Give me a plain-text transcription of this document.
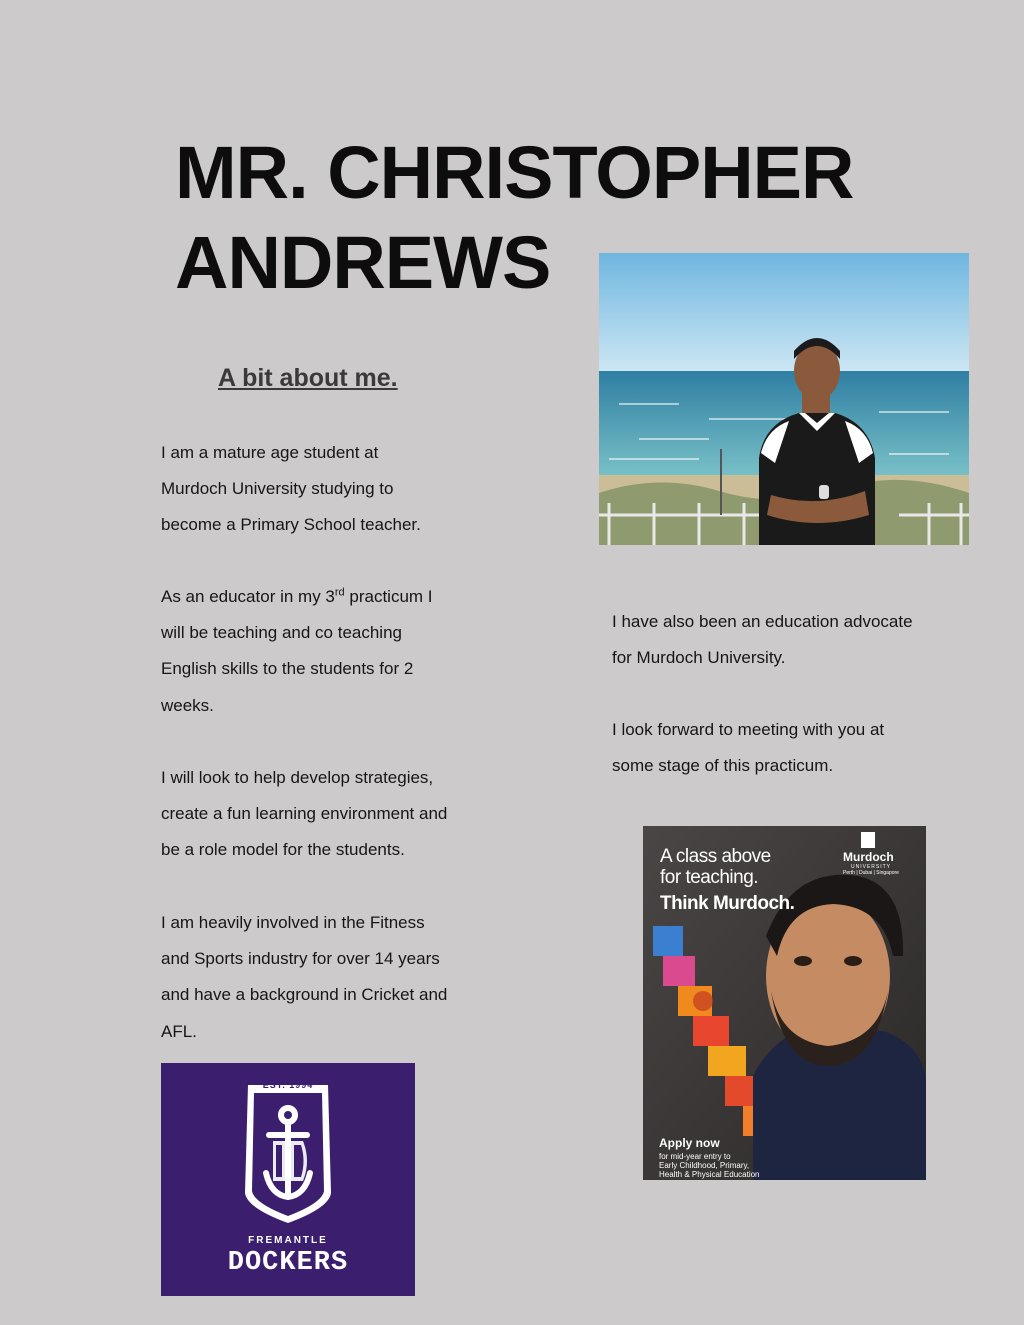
MR. CHRISTOPHER
ANDREWS
A bit about me.

I am a mature age student at

Murdoch University studying to

become a Primary School teacher.

As an educator in my 3rd practicum I

will be teaching and co teaching

English skills to the students for 2

weeks.

I will look to help develop strategies,

create a fun learning environment and

be a role model for the students.

I am heavily involved in the Fitness

and Sports industry for over 14 years

and have a background in Cricket and

AFL.

I have also been an education advocate

for Murdoch University.

I look forward to meeting with you at

some stage of this practicum.

A class above
for teaching.
Think Murdoch.
Murdoch
UNIVERSITY
Perth | Dubai | Singapore
Apply now
for mid-year entry to
Early Childhood, Primary,
Health & Physical Education
EST. 1994
FREMANTLE
DOCKERS
